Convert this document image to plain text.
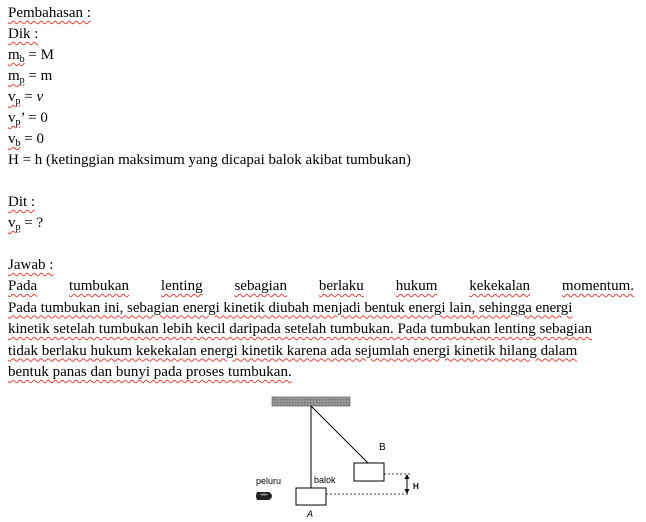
Pembahasan :
Dik :
$m_b = M$
$m_p = m$
$v_p = v$
$v_p$’ = 0
$v_b = 0$
H = h (ketinggian maksimum yang dicapai balok akibat tumbukan)
Dit :
$v_p$ = ?
Jawab :
Pada tumbukan lenting sebagian berlaku hukum kekekalan momentum.
Pada tumbukan ini, sebagian energi kinetik diubah menjadi bentuk energi lain, sehingga energi
kinetik setelah tumbukan lebih kecil daripada setelah tumbukan. Pada tumbukan lenting sebagian
tidak berlaku hukum kekekalan energi kinetik karena ada sejumlah energi kinetik hilang dalam
bentuk panas dan bunyi pada proses tumbukan.
B
H
peluru	balok
A
